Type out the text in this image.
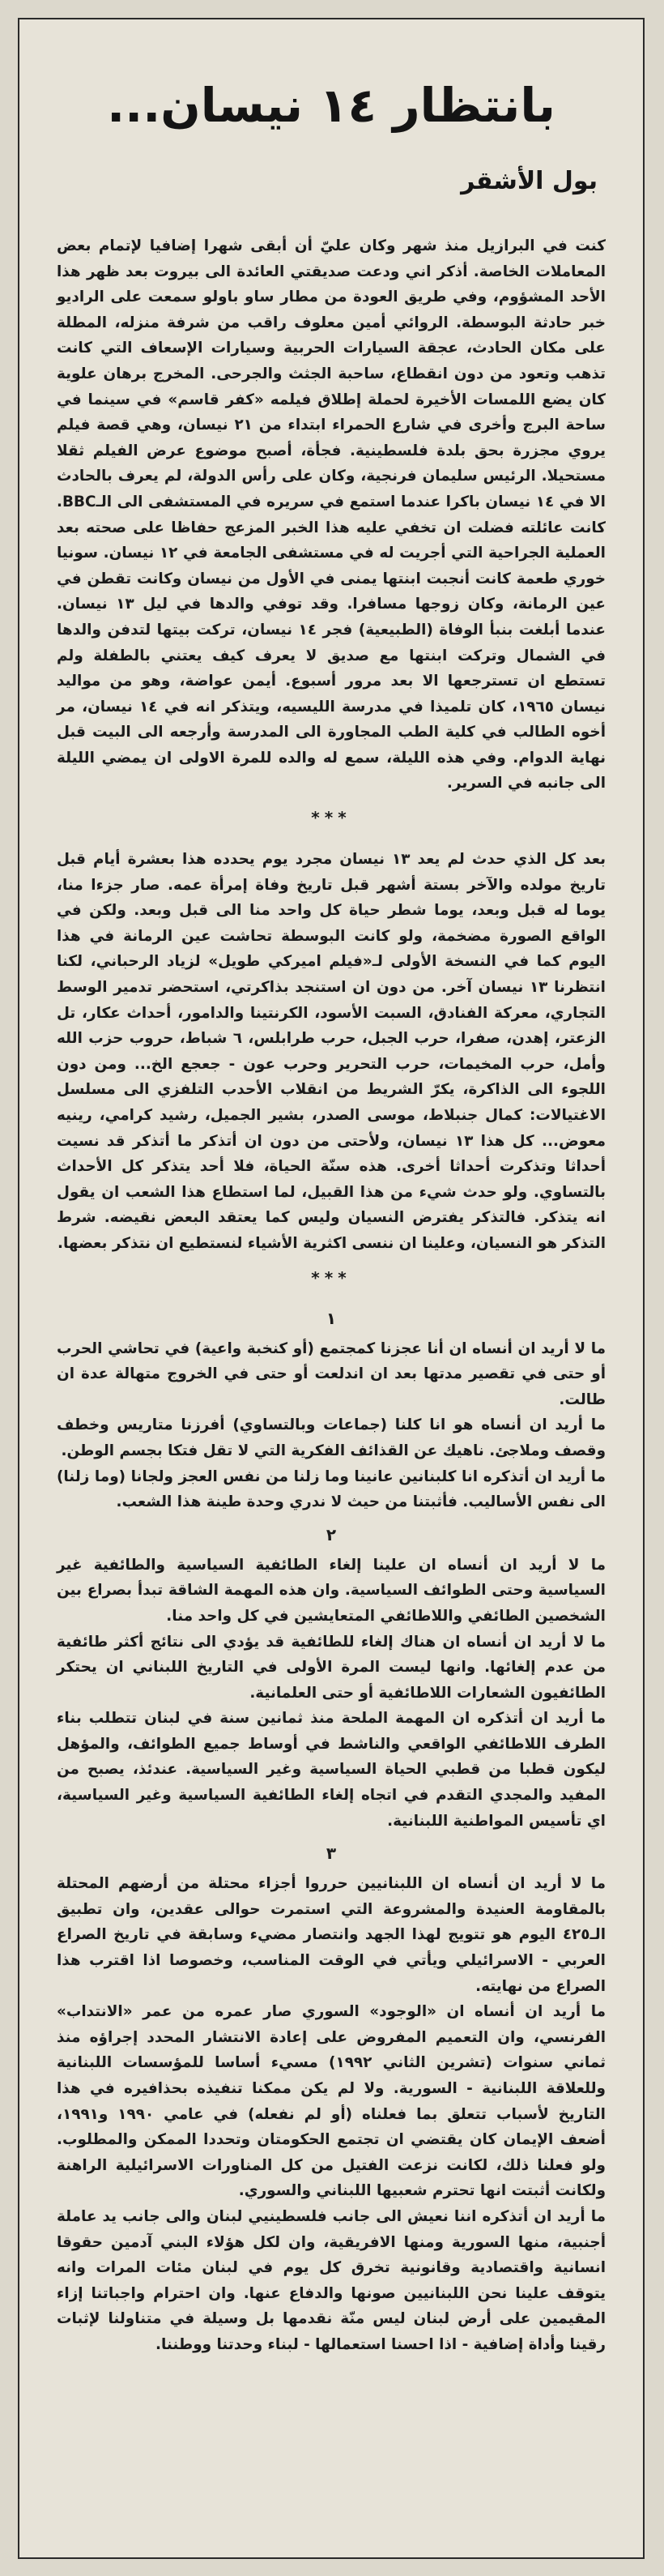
بانتظار ١٤ نيسان...
بول الأشقر

كنت في البرازيل منذ شهر وكان عليّ أن أبقى شهرا إضافيا لإتمام بعض المعاملات الخاصة. أذكر اني ودعت صديقتي العائدة الى بيروت بعد ظهر هذا الأحد المشؤوم، وفي طريق العودة من مطار ساو باولو سمعت على الراديو خبر حادثة البوسطة. الروائي أمين معلوف راقب من شرفة منزله، المطلة على مكان الحادث، عجقة السيارات الحربية وسيارات الإسعاف التي كانت تذهب وتعود من دون انقطاع، ساحبة الجثث والجرحى. المخرج برهان علوية كان يضع اللمسات الأخيرة لحملة إطلاق فيلمه «كفر قاسم» في سينما في ساحة البرج وأخرى في شارع الحمراء ابتداء من ٢١ نيسان، وهي قصة فيلم يروي مجزرة بحق بلدة فلسطينية. فجأة، أصبح موضوع عرض الفيلم ثقلا مستحيلا. الرئيس سليمان فرنجية، وكان على رأس الدولة، لم يعرف بالحادث الا في ١٤ نيسان باكرا عندما استمع في سريره في المستشفى الى الـBBC. كانت عائلته فضلت ان تخفي عليه هذا الخبر المزعج حفاظا على صحته بعد العملية الجراحية التي أجريت له في مستشفى الجامعة في ١٢ نيسان. سونيا خوري طعمة كانت أنجبت ابنتها يمنى في الأول من نيسان وكانت تقطن في عين الرمانة، وكان زوجها مسافرا. وقد توفي والدها في ليل ١٣ نيسان. عندما أبلغت بنبأ الوفاة (الطبيعية) فجر ١٤ نيسان، تركت بيتها لتدفن والدها في الشمال وتركت ابنتها مع صديق لا يعرف كيف يعتني بالطفلة ولم تستطع ان تسترجعها الا بعد مرور أسبوع. أيمن عواضة، وهو من مواليد نيسان ١٩٦٥، كان تلميذا في مدرسة الليسيه، ويتذكر انه في ١٤ نيسان، مر أخوه الطالب في كلية الطب المجاورة الى المدرسة وأرجعه الى البيت قبل نهاية الدوام. وفي هذه الليلة، سمع له والده للمرة الاولى ان يمضي الليلة الى جانبه في السرير.

***

بعد كل الذي حدث لم يعد ١٣ نيسان مجرد يوم يحدده هذا بعشرة أيام قبل تاريخ مولده والآخر بستة أشهر قبل تاريخ وفاة إمرأة عمه. صار جزءا منا، يوما له قبل وبعد، يوما شطر حياة كل واحد منا الى قبل وبعد. ولكن في الواقع الصورة مضخمة، ولو كانت البوسطة تحاشت عين الرمانة في هذا اليوم كما في النسخة الأولى لـ«فيلم اميركي طويل» لزياد الرحباني، لكنا انتظرنا ١٣ نيسان آخر. من دون ان استنجد بذاكرتي، استحضر تدمير الوسط التجاري، معركة الفنادق، السبت الأسود، الكرنتينا والدامور، أحداث عكار، تل الزعتر، إهدن، صفرا، حرب الجبل، حرب طرابلس، ٦ شباط، حروب حزب الله وأمل، حرب المخيمات، حرب التحرير وحرب عون - جعجع الخ... ومن دون اللجوء الى الذاكرة، يكرّ الشريط من انقلاب الأحدب التلفزي الى مسلسل الاغتيالات: كمال جنبلاط، موسى الصدر، بشير الجميل، رشيد كرامي، رينيه معوض... كل هذا ١٣ نيسان، ولأحتى من دون ان أتذكر ما أتذكر قد نسيت أحداثا وتذكرت أحداثا أخرى. هذه سنّة الحياة، فلا أحد يتذكر كل الأحداث بالتساوي. ولو حدث شيء من هذا القبيل، لما استطاع هذا الشعب ان يقول انه يتذكر. فالتذكر يفترض النسيان وليس كما يعتقد البعض نقيضه. شرط التذكر هو النسيان، وعلينا ان ننسى اكثرية الأشياء لنستطيع ان نتذكر بعضها.

***
١

ما لا أريد ان أنساه ان أنا عجزنا كمجتمع (أو كنخبة واعية) في تحاشي الحرب أو حتى في تقصير مدتها بعد ان اندلعت أو حتى في الخروج متهالة عدة ان طالت.

ما أريد ان أنساه هو انا كلنا (جماعات وبالتساوي) أفرزنا متاريس وخطف وقصف وملاجئ. ناهيك عن القذائف الفكرية التي لا تقل فتكا بجسم الوطن.

ما أريد ان أتذكره انا كلبنانين عانينا وما زلنا من نفس العجز ولجانا (وما زلنا) الى نفس الأساليب. فأثبتنا من حيث لا ندري وحدة طينة هذا الشعب.

٢

ما لا أريد ان أنساه ان علينا إلغاء الطائفية السياسية والطائفية غير السياسية وحتى الطوائف السياسية. وان هذه المهمة الشاقة تبدأ بصراع بين الشخصين الطائفي واللاطائفي المتعايشين في كل واحد منا.

ما لا أريد ان أنساه ان هناك إلغاء للطائفية قد يؤدي الى نتائج أكثر طائفية من عدم إلغائها. وانها ليست المرة الأولى في التاريخ اللبناني ان يحتكر الطائفيون الشعارات اللاطائفية أو حتى العلمانية.

ما أريد ان أتذكره ان المهمة الملحة منذ ثمانين سنة في لبنان تتطلب بناء الطرف اللاطائفي الواقعي والناشط في أوساط جميع الطوائف، والمؤهل ليكون قطبا من قطبي الحياة السياسية وغير السياسية. عندئذ، يصبح من المفيد والمجدي التقدم في اتجاه إلغاء الطائفية السياسية وغير السياسية، اي تأسيس المواطنية اللبنانية.

٣

ما لا أريد ان أنساه ان اللبنانيين حرروا أجزاء محتلة من أرضهم المحتلة بالمقاومة العنيدة والمشروعة التي استمرت حوالى عقدين، وان تطبيق الـ٤٢٥ اليوم هو تتويج لهذا الجهد وانتصار مضيء وسابقة في تاريخ الصراع العربي - الاسرائيلي ويأتي في الوقت المناسب، وخصوصا اذا اقترب هذا الصراع من نهايته.

ما أريد ان أنساه ان «الوجود» السوري صار عمره من عمر «الانتداب» الفرنسي، وان التعميم المفروض على إعادة الانتشار المحدد إجراؤه منذ ثماني سنوات (تشرين الثاني ١٩٩٢) مسيء أساسا للمؤسسات اللبنانية وللعلاقة اللبنانية - السورية. ولا لم يكن ممكنا تنفيذه بحذافيره في هذا التاريخ لأسباب تتعلق بما فعلناه (أو لم نفعله) في عامي ١٩٩٠ و١٩٩١، أضعف الإيمان كان يقتضي ان تجتمع الحكومتان وتحددا الممكن والمطلوب. ولو فعلنا ذلك، لكانت نزعت الفتيل من كل المناورات الاسرائيلية الراهنة ولكانت أثبتت انها تحترم شعبيها اللبناني والسوري.

ما أريد ان أتذكره اننا نعيش الى جانب فلسطينيي لبنان والى جانب يد عاملة أجنبية، منها السورية ومنها الافريقية، وان لكل هؤلاء البني آدمين حقوقا انسانية واقتصادية وقانونية تخرق كل يوم في لبنان مئات المرات وانه يتوقف علينا نحن اللبنانيين صونها والدفاع عنها. وان احترام واجباتنا إزاء المقيمين على أرض لبنان ليس منّة نقدمها بل وسيلة في متناولنا لإثبات رقينا وأداة إضافية - اذا احسنا استعمالها - لبناء وحدتنا ووطننا.
